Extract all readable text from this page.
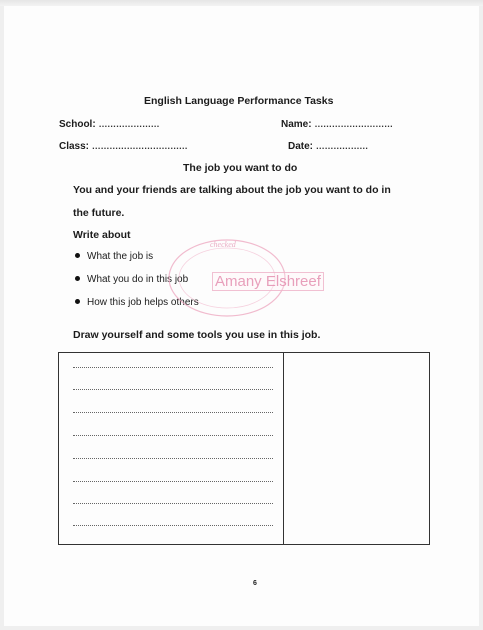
English Language Performance Tasks
School: …………………	Name: ………………………
Class: ……………………………	Date: ………………
The job you want to do
You and your friends are talking about the job you want to do in
the future.
Write about
What the job is
What you do in this job
How this job helps others
Draw yourself and some tools you use in this job.
checked
Amany Elshreef
6
